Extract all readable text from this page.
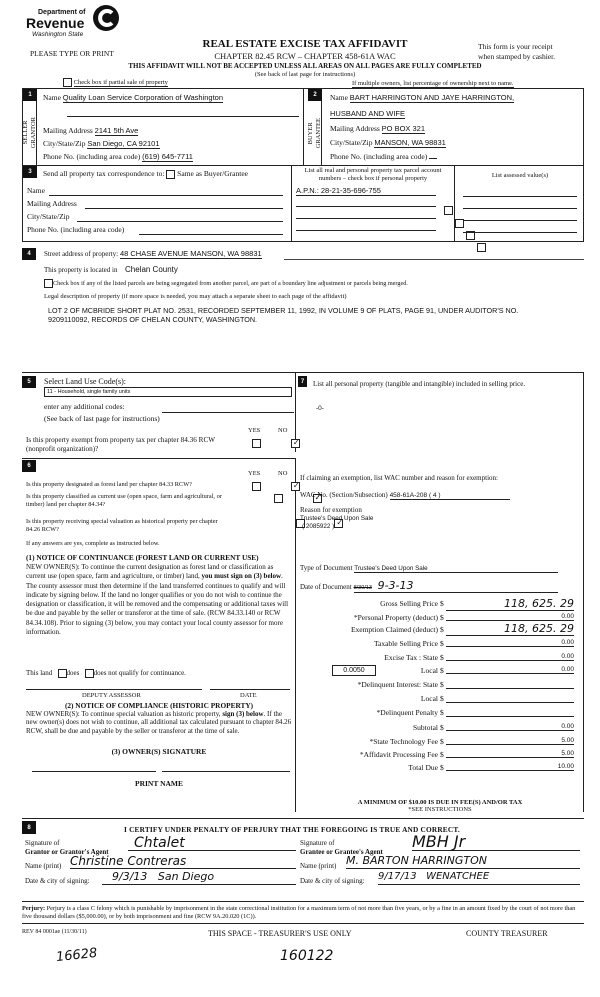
Department of
Revenue
Washington State
PLEASE TYPE OR PRINT
REAL ESTATE EXCISE TAX AFFIDAVIT
CHAPTER 82.45 RCW – CHAPTER 458-61A WAC
THIS AFFIDAVIT WILL NOT BE ACCEPTED UNLESS ALL AREAS ON ALL PAGES ARE FULLY COMPLETED
(See back of last page for instructions)
This form is your receipt
when stamped by cashier.
Check box if partial sale of property	If multiple owners, list percentage of ownership next to name.
1
SELLER
GRANTOR
Name Quality Loan Service Corporation of Washington
Mailing Address 2141 5th Ave
City/State/Zip San Diego, CA 92101
Phone No. (including area code) (619) 645-7711
2
BUYER
GRANTEE
Name BART HARRINGTON AND JAYE HARRINGTON,
HUSBAND AND WIFE
Mailing Address PO BOX 321
City/State/Zip MANSON, WA 98831
Phone No. (including area code)
3	Send all property tax correspondence to: Same as Buyer/Grantee
Name
Mailing Address
City/State/Zip
Phone No. (including area code)
List all real and personal property tax parcel account numbers – check box if personal property
A.P.N.: 28-21-35-696-755

List assessed value(s)
4	Street address of property: 48 CHASE AVENUE MANSON, WA 98831
This property is located in Chelan County
Check box if any of the listed parcels are being segregated from another parcel, are part of a boundary line adjustment or parcels being merged.
Legal description of property (if more space is needed, you may attach a separate sheet to each page of the affidavit)
LOT 2 OF MCBRIDE SHORT PLAT NO. 2531, RECORDED SEPTEMBER 11, 1992, IN VOLUME 9 OF PLATS, PAGE 91, UNDER AUDITOR'S NO. 9209110092, RECORDS OF CHELAN COUNTY, WASHINGTON.
5	Select Land Use Code(s):
11 - Household, single family units
enter any additional codes:
(See back of last page for instructions)
YES	NO
Is this property exempt from property tax per chapter 84.36 RCW (nonprofit organization)?
✓
6
YES	NO
Is this property designated as forest land per chapter 84.33 RCW?
✓
Is this property classified as current use (open space, farm and agricultural, or timber) land per chapter 84.34?
✓
Is this property receiving special valuation as historical property per chapter 84.26 RCW?
✓
If any answers are yes, complete as instructed below.
(1) NOTICE OF CONTINUANCE (FOREST LAND OR CURRENT USE)
NEW OWNER(S): To continue the current designation as forest land or classification as current use (open space, farm and agriculture, or timber) land, you must sign on (3) below. The county assessor must then determine if the land transferred continues to qualify and will indicate by signing below. If the land no longer qualifies or you do not wish to continue the designation or classification, it will be removed and the compensating or additional taxes will be due and payable by the seller or transferor at the time of sale. (RCW 84.33.140 or RCW 84.34.108). Prior to signing (3) below, you may contact your local county assessor for more information.
This land does does not qualify for continuance.
DEPUTY ASSESSOR	DATE
(2) NOTICE OF COMPLIANCE (HISTORIC PROPERTY)
NEW OWNER(S): To continue special valuation as historic property, sign (3) below. If the new owner(s) does not wish to continue, all additional tax calculated pursuant to chapter 84.26 RCW, shall be due and payable by the seller or transferor at the time of sale.
(3) OWNER(S) SIGNATURE
PRINT NAME
7	List all personal property (tangible and intangible) included in selling price.
-0-
If claiming an exemption, list WAC number and reason for exemption:
WAC No. (Section/Subsection) 458-61A-208 ( 4 )
Reason for exemption
Trustee's Deed Upon Sale
( 2085922 )
Type of Document Trustee's Deed Upon Sale
Date of Document 8/30/13 9-3-13
Gross Selling Price $	118, 625. 29
*Personal Property (deduct) $	0.00
Exemption Claimed (deduct) $	118, 625. 29
Taxable Selling Price $	0.00
Excise Tax : State $	0.00
0.0050	Local $	0.00
*Delinquent Interest: State $
Local $
*Delinquent Penalty $
Subtotal $	0.00
*State Technology Fee $	5.00
*Affidavit Processing Fee $	5.00
Total Due $	10.00
A MINIMUM OF $10.00 IS DUE IN FEE(S) AND/OR TAX
*SEE INSTRUCTIONS
8	I CERTIFY UNDER PENALTY OF PERJURY THAT THE FOREGOING IS TRUE AND CORRECT.
Signature of
Grantor or Grantor's Agent
Chtalet
Name (print) Christine Contreras
Date & city of signing:	9/3/13   San Diego
Signature of
Grantee or Grantee's Agent
MBH Jr
Name (print) M. BARTON HARRINGTON
Date & city of signing: 9/17/13   WENATCHEE
Perjury: Perjury is a class C felony which is punishable by imprisonment in the state correctional institution for a maximum term of not more than five years, or by a fine in an amount fixed by the court of not more than five thousand dollars ($5,000.00), or by both imprisonment and fine (RCW 9A.20.020 (1C)).
REV 84 0001ae (11/30/11)	THIS SPACE - TREASURER'S USE ONLY	COUNTY TREASURER
16628	160122
